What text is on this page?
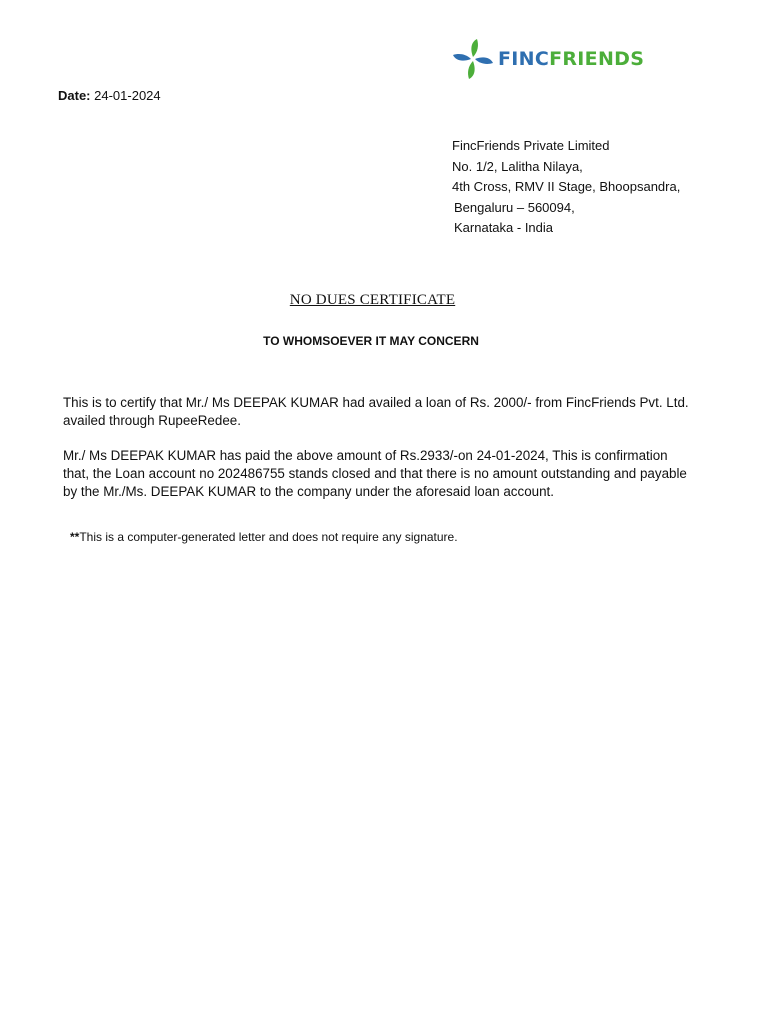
FINCFRIENDS
Date: 24-01-2024
FincFriends Private Limited
No. 1/2, Lalitha Nilaya,
4th Cross, RMV II Stage, Bhoopsandra,
Bengaluru – 560094,
Karnataka - India
NO DUES CERTIFICATE
TO WHOMSOEVER IT MAY CONCERN
This is to certify that Mr./ Ms DEEPAK KUMAR had availed a loan of Rs. 2000/- from FincFriends Pvt. Ltd.
availed through RupeeRedee.
Mr./ Ms DEEPAK KUMAR has paid the above amount of Rs.2933/-on 24-01-2024, This is confirmation
that, the Loan account no 202486755 stands closed and that there is no amount outstanding and payable
by the Mr./Ms. DEEPAK KUMAR to the company under the aforesaid loan account.
**This is a computer-generated letter and does not require any signature.
